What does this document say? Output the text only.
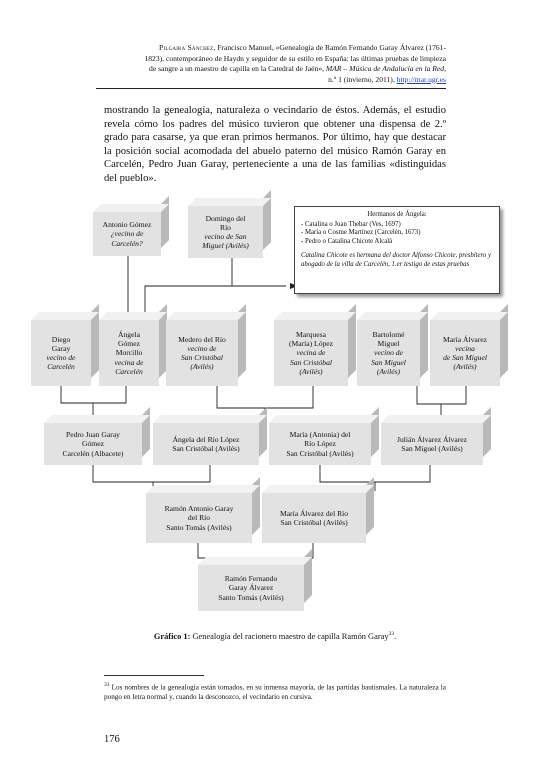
Pilgaira Sánchez, Francisco Manuel, «Genealogía de Ramón Fernando Garay Álvarez (1761-
1823), contemporáneo de Haydn y seguidor de su estilo en España: las últimas pruebas de limpieza
de sangre a un maestro de capilla en la Catedral de Jaén», MAR – Música de Andalucía en la Red,
n.º 1 (invierno, 2011), http://mar.ugr.es
mostrando la genealogía, naturaleza o vecindario de éstos. Además, el estudio revela cómo los padres del músico tuvieron que obtener una dispensa de 2.º grado para casarse, ya que eran primos hermanos. Por último, hay que destacar la posición social acomodada del abuelo paterno del músico Ramón Garay en Carcelén, Pedro Juan Garay, perteneciente a una de las familias «distinguidas del pueblo».
Antonio Gómez
¿vecino de
Carcelén?
Domingo del
Río
vecino de San
Miguel (Avilés)
Hermanos de Ángela:
- Catalina o Juan Thebar (Ves, 1697)
- María o Cosme Martínez (Carcelén, 1673)
- Pedro o Catalina Chicote Alcalá
Catalina Chicote es hermana del doctor Alfonso Chicote, presbítero y abogado de la villa de Carcelén, 1.er testigo de estas pruebas
Diego
Garay
vecino de
Carcelén
Ángela
Gómez
Morcillo
vecina de
Carcelén
Medero del Río
vecino de
San Cristóbal
(Avilés)
Marquesa
(María) López
vecina de
San Cristóbal
(Avilés)
Bartolomé
Miguel
vecino de
San Miguel
(Avilés)
María Álvarez
vecina
de San Miguel
(Avilés)
Pedro Juan Garay
Gómez
Carcelén (Albacete)
Ángela del Río López
San Cristóbal (Avilés)
María (Antonia) del
Río López
San Cristóbal (Avilés)
Julián Álvarez Álvarez
San Miguel (Avilés)
Ramón Antonio Garay
del Río
Santo Tomás (Avilés)
María Álvarez del Río
San Cristóbal (Avilés)
Ramón Fernando
Garay Álvarez
Santo Tomás (Avilés)
Gráfico 1: Genealogía del racionero maestro de capilla Ramón Garay$^{33}$.
$^{33}$ Los nombres de la genealogía están tomados, en su inmensa mayoría, de las partidas bautismales. La naturaleza la pongo en letra normal y, cuando la desconozco, el vecindario en cursiva.
176
